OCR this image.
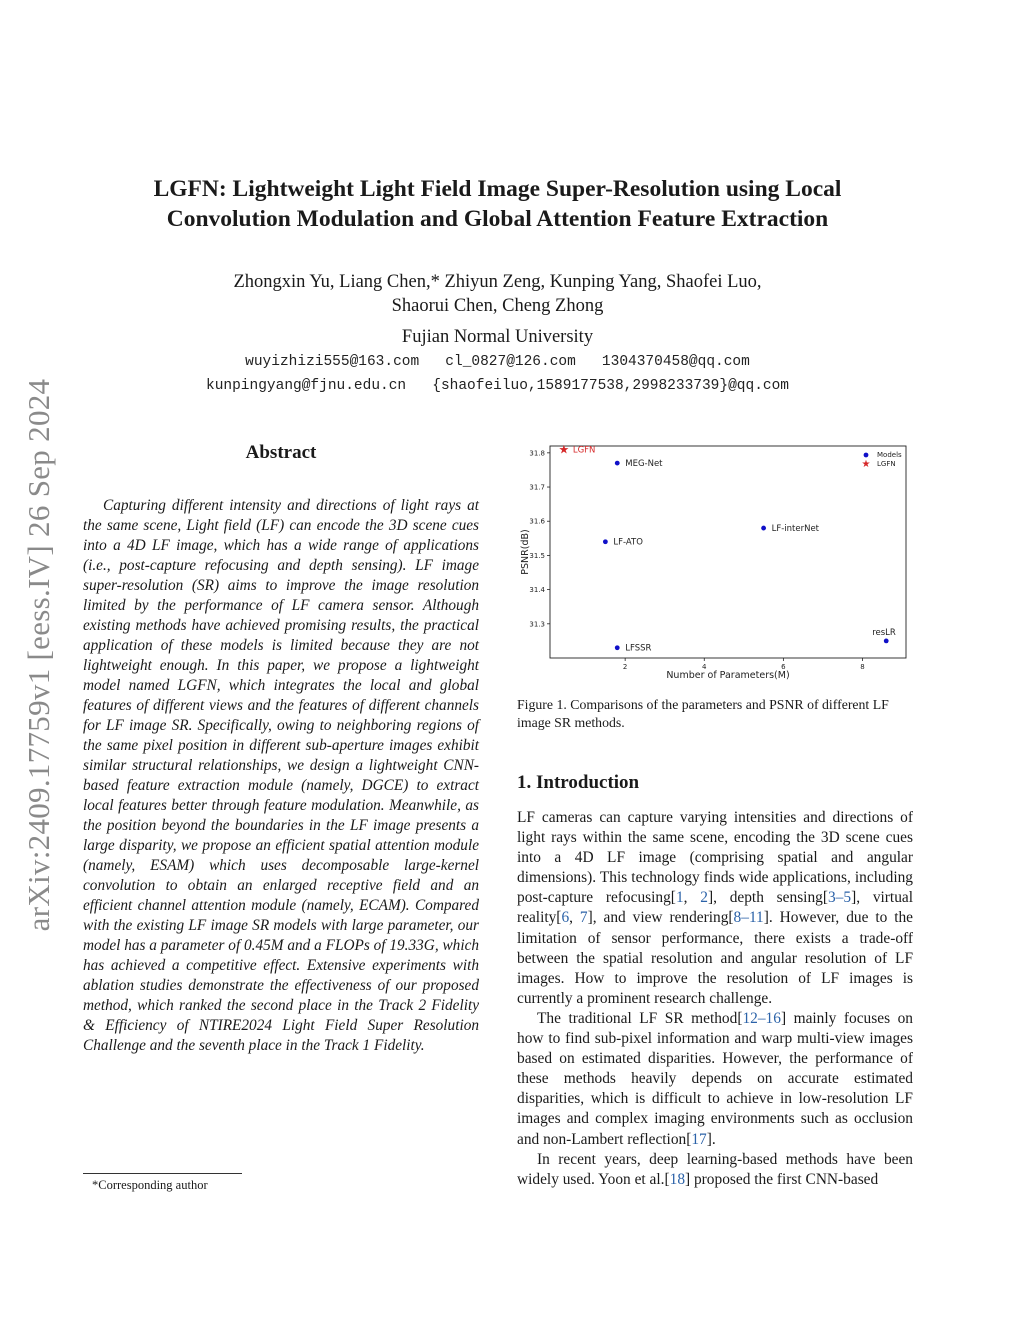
LGFN: Lightweight Light Field Image Super-Resolution using Local
Convolution Modulation and Global Attention Feature Extraction
Zhongxin Yu, Liang Chen,* Zhiyun Zeng, Kunping Yang, Shaofei Luo,
Shaorui Chen, Cheng Zhong
Fujian Normal University
wuyizhizi555@163.com   cl_0827@126.com   1304370458@qq.com
kunpingyang@fjnu.edu.cn   {shaofeiluo,1589177538,2998233739}@qq.com
arXiv:2409.17759v1 [eess.IV] 26 Sep 2024	Abstract
Capturing different intensity and directions of light rays at the same scene, Light field (LF) can encode the 3D scene cues into a 4D LF image, which has a wide range of applications (i.e., post-capture refocusing and depth sensing). LF image super-resolution (SR) aims to improve the image resolution limited by the performance of LF camera sensor. Although existing methods have achieved promising results, the practical application of these models is limited because they are not lightweight enough. In this paper, we propose a lightweight model named LGFN, which integrates the local and global features of different views and the features of different channels for LF image SR. Specifically, owing to neighboring regions of the same pixel position in different sub-aperture images exhibit similar structural relationships, we design a lightweight CNN-based feature extraction module (namely, DGCE) to extract local features better through feature modulation. Meanwhile, as the position beyond the boundaries in the LF image presents a large disparity, we propose an efficient spatial attention module (namely, ESAM) which uses decomposable large-kernel convolution to obtain an enlarged receptive field and an efficient channel attention module (namely, ECAM). Compared with the existing LF image SR models with large parameter, our model has a parameter of 0.45M and a FLOPs of 19.33G, which has achieved a competitive effect. Extensive experiments with ablation studies demonstrate the effectiveness of our proposed method, which ranked the second place in the Track 2 Fidelity & Efficiency of NTIRE2024 Light Field Super Resolution Challenge and the seventh place in the Track 1 Fidelity.
*Corresponding author
Number of Parameters(M)
PSNR(dB)
Models
★ LGFN
2	4	6	8
31.3
31.4
31.5
31.6
31.7
31.8 ★ LGFN
MEG-Net
LF-interNet
LF-ATO
LFSSR
resLR
Figure 1. Comparisons of the parameters and PSNR of different LF image SR methods.
1. Introduction

LF cameras can capture varying intensities and directions of light rays within the same scene, encoding the 3D scene cues into a 4D LF image (comprising spatial and angular dimensions). This technology finds wide applications, including post-capture refocusing[1, 2], depth sensing[3–5], virtual reality[6, 7], and view rendering[8–11]. However, due to the limitation of sensor performance, there exists a trade-off between the spatial resolution and angular resolution of LF images. How to improve the resolution of LF images is currently a prominent research challenge.

The traditional LF SR method[12–16] mainly focuses on how to find sub-pixel information and warp multi-view images based on estimated disparities. However, the performance of these methods heavily depends on accurate estimated disparities, which is difficult to achieve in low-resolution LF images and complex imaging environments such as occlusion and non-Lambert reflection[17].

In recent years, deep learning-based methods have been widely used. Yoon et al.[18] proposed the first CNN-based
